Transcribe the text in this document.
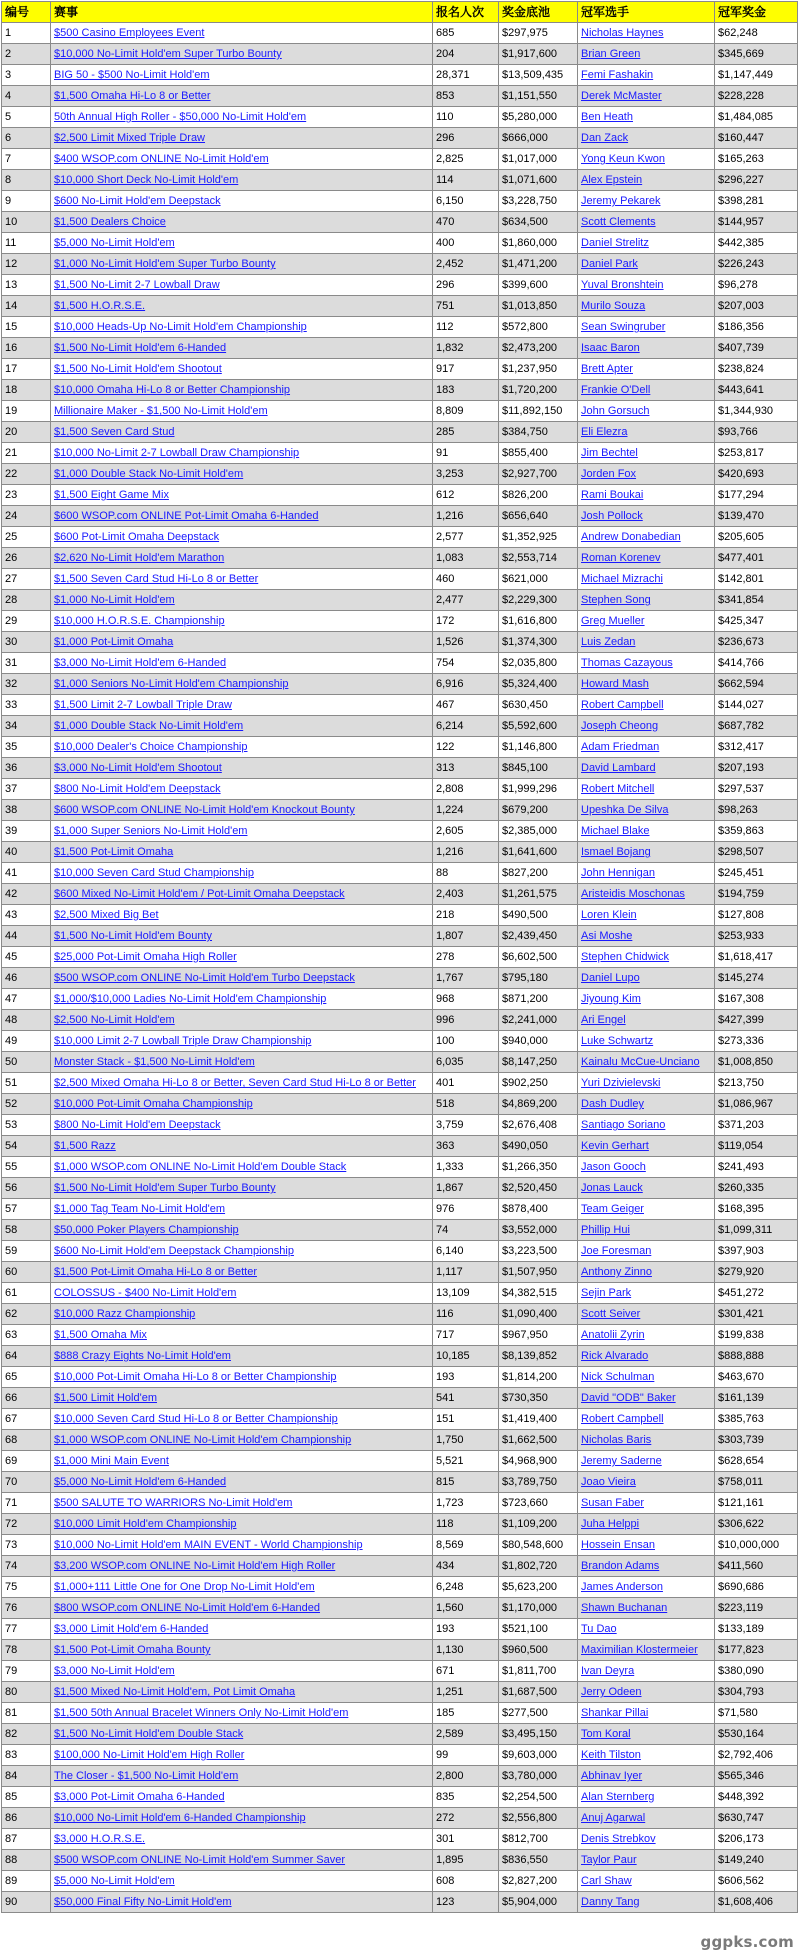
编号	赛事	报名人次	奖金底池	冠军选手	冠军奖金
1	$500 Casino Employees Event	685	$297,975	Nicholas Haynes	$62,248
2	$10,000 No-Limit Hold'em Super Turbo Bounty	204	$1,917,600	Brian Green	$345,669
3	BIG 50 - $500 No-Limit Hold'em	28,371	$13,509,435	Femi Fashakin	$1,147,449
4	$1,500 Omaha Hi-Lo 8 or Better	853	$1,151,550	Derek McMaster	$228,228
5	50th Annual High Roller - $50,000 No-Limit Hold'em	110	$5,280,000	Ben Heath	$1,484,085
6	$2,500 Limit Mixed Triple Draw	296	$666,000	Dan Zack	$160,447
7	$400 WSOP.com ONLINE No-Limit Hold'em	2,825	$1,017,000	Yong Keun Kwon	$165,263
8	$10,000 Short Deck No-Limit Hold'em	114	$1,071,600	Alex Epstein	$296,227
9	$600 No-Limit Hold'em Deepstack	6,150	$3,228,750	Jeremy Pekarek	$398,281
10	$1,500 Dealers Choice	470	$634,500	Scott Clements	$144,957
11	$5,000 No-Limit Hold'em	400	$1,860,000	Daniel Strelitz	$442,385
12	$1,000 No-Limit Hold'em Super Turbo Bounty	2,452	$1,471,200	Daniel Park	$226,243
13	$1,500 No-Limit 2-7 Lowball Draw	296	$399,600	Yuval Bronshtein	$96,278
14	$1,500 H.O.R.S.E.	751	$1,013,850	Murilo Souza	$207,003
15	$10,000 Heads-Up No-Limit Hold'em Championship	112	$572,800	Sean Swingruber	$186,356
16	$1,500 No-Limit Hold'em 6-Handed	1,832	$2,473,200	Isaac Baron	$407,739
17	$1,500 No-Limit Hold'em Shootout	917	$1,237,950	Brett Apter	$238,824
18	$10,000 Omaha Hi-Lo 8 or Better Championship	183	$1,720,200	Frankie O'Dell	$443,641
19	Millionaire Maker - $1,500 No-Limit Hold'em	8,809	$11,892,150	John Gorsuch	$1,344,930
20	$1,500 Seven Card Stud	285	$384,750	Eli Elezra	$93,766
21	$10,000 No-Limit 2-7 Lowball Draw Championship	91	$855,400	Jim Bechtel	$253,817
22	$1,000 Double Stack No-Limit Hold'em	3,253	$2,927,700	Jorden Fox	$420,693
23	$1,500 Eight Game Mix	612	$826,200	Rami Boukai	$177,294
24	$600 WSOP.com ONLINE Pot-Limit Omaha 6-Handed	1,216	$656,640	Josh Pollock	$139,470
25	$600 Pot-Limit Omaha Deepstack	2,577	$1,352,925	Andrew Donabedian	$205,605
26	$2,620 No-Limit Hold'em Marathon	1,083	$2,553,714	Roman Korenev	$477,401
27	$1,500 Seven Card Stud Hi-Lo 8 or Better	460	$621,000	Michael Mizrachi	$142,801
28	$1,000 No-Limit Hold'em	2,477	$2,229,300	Stephen Song	$341,854
29	$10,000 H.O.R.S.E. Championship	172	$1,616,800	Greg Mueller	$425,347
30	$1,000 Pot-Limit Omaha	1,526	$1,374,300	Luis Zedan	$236,673
31	$3,000 No-Limit Hold'em 6-Handed	754	$2,035,800	Thomas Cazayous	$414,766
32	$1,000 Seniors No-Limit Hold'em Championship	6,916	$5,324,400	Howard Mash	$662,594
33	$1,500 Limit 2-7 Lowball Triple Draw	467	$630,450	Robert Campbell	$144,027
34	$1,000 Double Stack No-Limit Hold'em	6,214	$5,592,600	Joseph Cheong	$687,782
35	$10,000 Dealer's Choice Championship	122	$1,146,800	Adam Friedman	$312,417
36	$3,000 No-Limit Hold'em Shootout	313	$845,100	David Lambard	$207,193
37	$800 No-Limit Hold'em Deepstack	2,808	$1,999,296	Robert Mitchell	$297,537
38	$600 WSOP.com ONLINE No-Limit Hold'em Knockout Bounty	1,224	$679,200	Upeshka De Silva	$98,263
39	$1,000 Super Seniors No-Limit Hold'em	2,605	$2,385,000	Michael Blake	$359,863
40	$1,500 Pot-Limit Omaha	1,216	$1,641,600	Ismael Bojang	$298,507
41	$10,000 Seven Card Stud Championship	88	$827,200	John Hennigan	$245,451
42	$600 Mixed No-Limit Hold'em / Pot-Limit Omaha Deepstack	2,403	$1,261,575	Aristeidis Moschonas	$194,759
43	$2,500 Mixed Big Bet	218	$490,500	Loren Klein	$127,808
44	$1,500 No-Limit Hold'em Bounty	1,807	$2,439,450	Asi Moshe	$253,933
45	$25,000 Pot-Limit Omaha High Roller	278	$6,602,500	Stephen Chidwick	$1,618,417
46	$500 WSOP.com ONLINE No-Limit Hold'em Turbo Deepstack	1,767	$795,180	Daniel Lupo	$145,274
47	$1,000/$10,000 Ladies No-Limit Hold'em Championship	968	$871,200	Jiyoung Kim	$167,308
48	$2,500 No-Limit Hold'em	996	$2,241,000	Ari Engel	$427,399
49	$10,000 Limit 2-7 Lowball Triple Draw Championship	100	$940,000	Luke Schwartz	$273,336
50	Monster Stack - $1,500 No-Limit Hold'em	6,035	$8,147,250	Kainalu McCue-Unciano	$1,008,850
51	$2,500 Mixed Omaha Hi-Lo 8 or Better, Seven Card Stud Hi-Lo 8 or Better	401	$902,250	Yuri Dzivielevski	$213,750
52	$10,000 Pot-Limit Omaha Championship	518	$4,869,200	Dash Dudley	$1,086,967
53	$800 No-Limit Hold'em Deepstack	3,759	$2,676,408	Santiago Soriano	$371,203
54	$1,500 Razz	363	$490,050	Kevin Gerhart	$119,054
55	$1,000 WSOP.com ONLINE No-Limit Hold'em Double Stack	1,333	$1,266,350	Jason Gooch	$241,493
56	$1,500 No-Limit Hold'em Super Turbo Bounty	1,867	$2,520,450	Jonas Lauck	$260,335
57	$1,000 Tag Team No-Limit Hold'em	976	$878,400	Team Geiger	$168,395
58	$50,000 Poker Players Championship	74	$3,552,000	Phillip Hui	$1,099,311
59	$600 No-Limit Hold'em Deepstack Championship	6,140	$3,223,500	Joe Foresman	$397,903
60	$1,500 Pot-Limit Omaha Hi-Lo 8 or Better	1,117	$1,507,950	Anthony Zinno	$279,920
61	COLOSSUS - $400 No-Limit Hold'em	13,109	$4,382,515	Sejin Park	$451,272
62	$10,000 Razz Championship	116	$1,090,400	Scott Seiver	$301,421
63	$1,500 Omaha Mix	717	$967,950	Anatolii Zyrin	$199,838
64	$888 Crazy Eights No-Limit Hold'em	10,185	$8,139,852	Rick Alvarado	$888,888
65	$10,000 Pot-Limit Omaha Hi-Lo 8 or Better Championship	193	$1,814,200	Nick Schulman	$463,670
66	$1,500 Limit Hold'em	541	$730,350	David "ODB" Baker	$161,139
67	$10,000 Seven Card Stud Hi-Lo 8 or Better Championship	151	$1,419,400	Robert Campbell	$385,763
68	$1,000 WSOP.com ONLINE No-Limit Hold'em Championship	1,750	$1,662,500	Nicholas Baris	$303,739
69	$1,000 Mini Main Event	5,521	$4,968,900	Jeremy Saderne	$628,654
70	$5,000 No-Limit Hold'em 6-Handed	815	$3,789,750	Joao Vieira	$758,011
71	$500 SALUTE TO WARRIORS No-Limit Hold'em	1,723	$723,660	Susan Faber	$121,161
72	$10,000 Limit Hold'em Championship	118	$1,109,200	Juha Helppi	$306,622
73	$10,000 No-Limit Hold'em MAIN EVENT - World Championship	8,569	$80,548,600	Hossein Ensan	$10,000,000
74	$3,200 WSOP.com ONLINE No-Limit Hold'em High Roller	434	$1,802,720	Brandon Adams	$411,560
75	$1,000+111 Little One for One Drop No-Limit Hold'em	6,248	$5,623,200	James Anderson	$690,686
76	$800 WSOP.com ONLINE No-Limit Hold'em 6-Handed	1,560	$1,170,000	Shawn Buchanan	$223,119
77	$3,000 Limit Hold'em 6-Handed	193	$521,100	Tu Dao	$133,189
78	$1,500 Pot-Limit Omaha Bounty	1,130	$960,500	Maximilian Klostermeier	$177,823
79	$3,000 No-Limit Hold'em	671	$1,811,700	Ivan Deyra	$380,090
80	$1,500 Mixed No-Limit Hold'em, Pot Limit Omaha	1,251	$1,687,500	Jerry Odeen	$304,793
81	$1,500 50th Annual Bracelet Winners Only No-Limit Hold'em	185	$277,500	Shankar Pillai	$71,580
82	$1,500 No-Limit Hold'em Double Stack	2,589	$3,495,150	Tom Koral	$530,164
83	$100,000 No-Limit Hold'em High Roller	99	$9,603,000	Keith Tilston	$2,792,406
84	The Closer - $1,500 No-Limit Hold'em	2,800	$3,780,000	Abhinav Iyer	$565,346
85	$3,000 Pot-Limit Omaha 6-Handed	835	$2,254,500	Alan Sternberg	$448,392
86	$10,000 No-Limit Hold'em 6-Handed Championship	272	$2,556,800	Anuj Agarwal	$630,747
87	$3,000 H.O.R.S.E.	301	$812,700	Denis Strebkov	$206,173
88	$500 WSOP.com ONLINE No-Limit Hold'em Summer Saver	1,895	$836,550	Taylor Paur	$149,240
89	$5,000 No-Limit Hold'em	608	$2,827,200	Carl Shaw	$606,562
90	$50,000 Final Fifty No-Limit Hold'em	123	$5,904,000	Danny Tang	$1,608,406
ggpks.com
